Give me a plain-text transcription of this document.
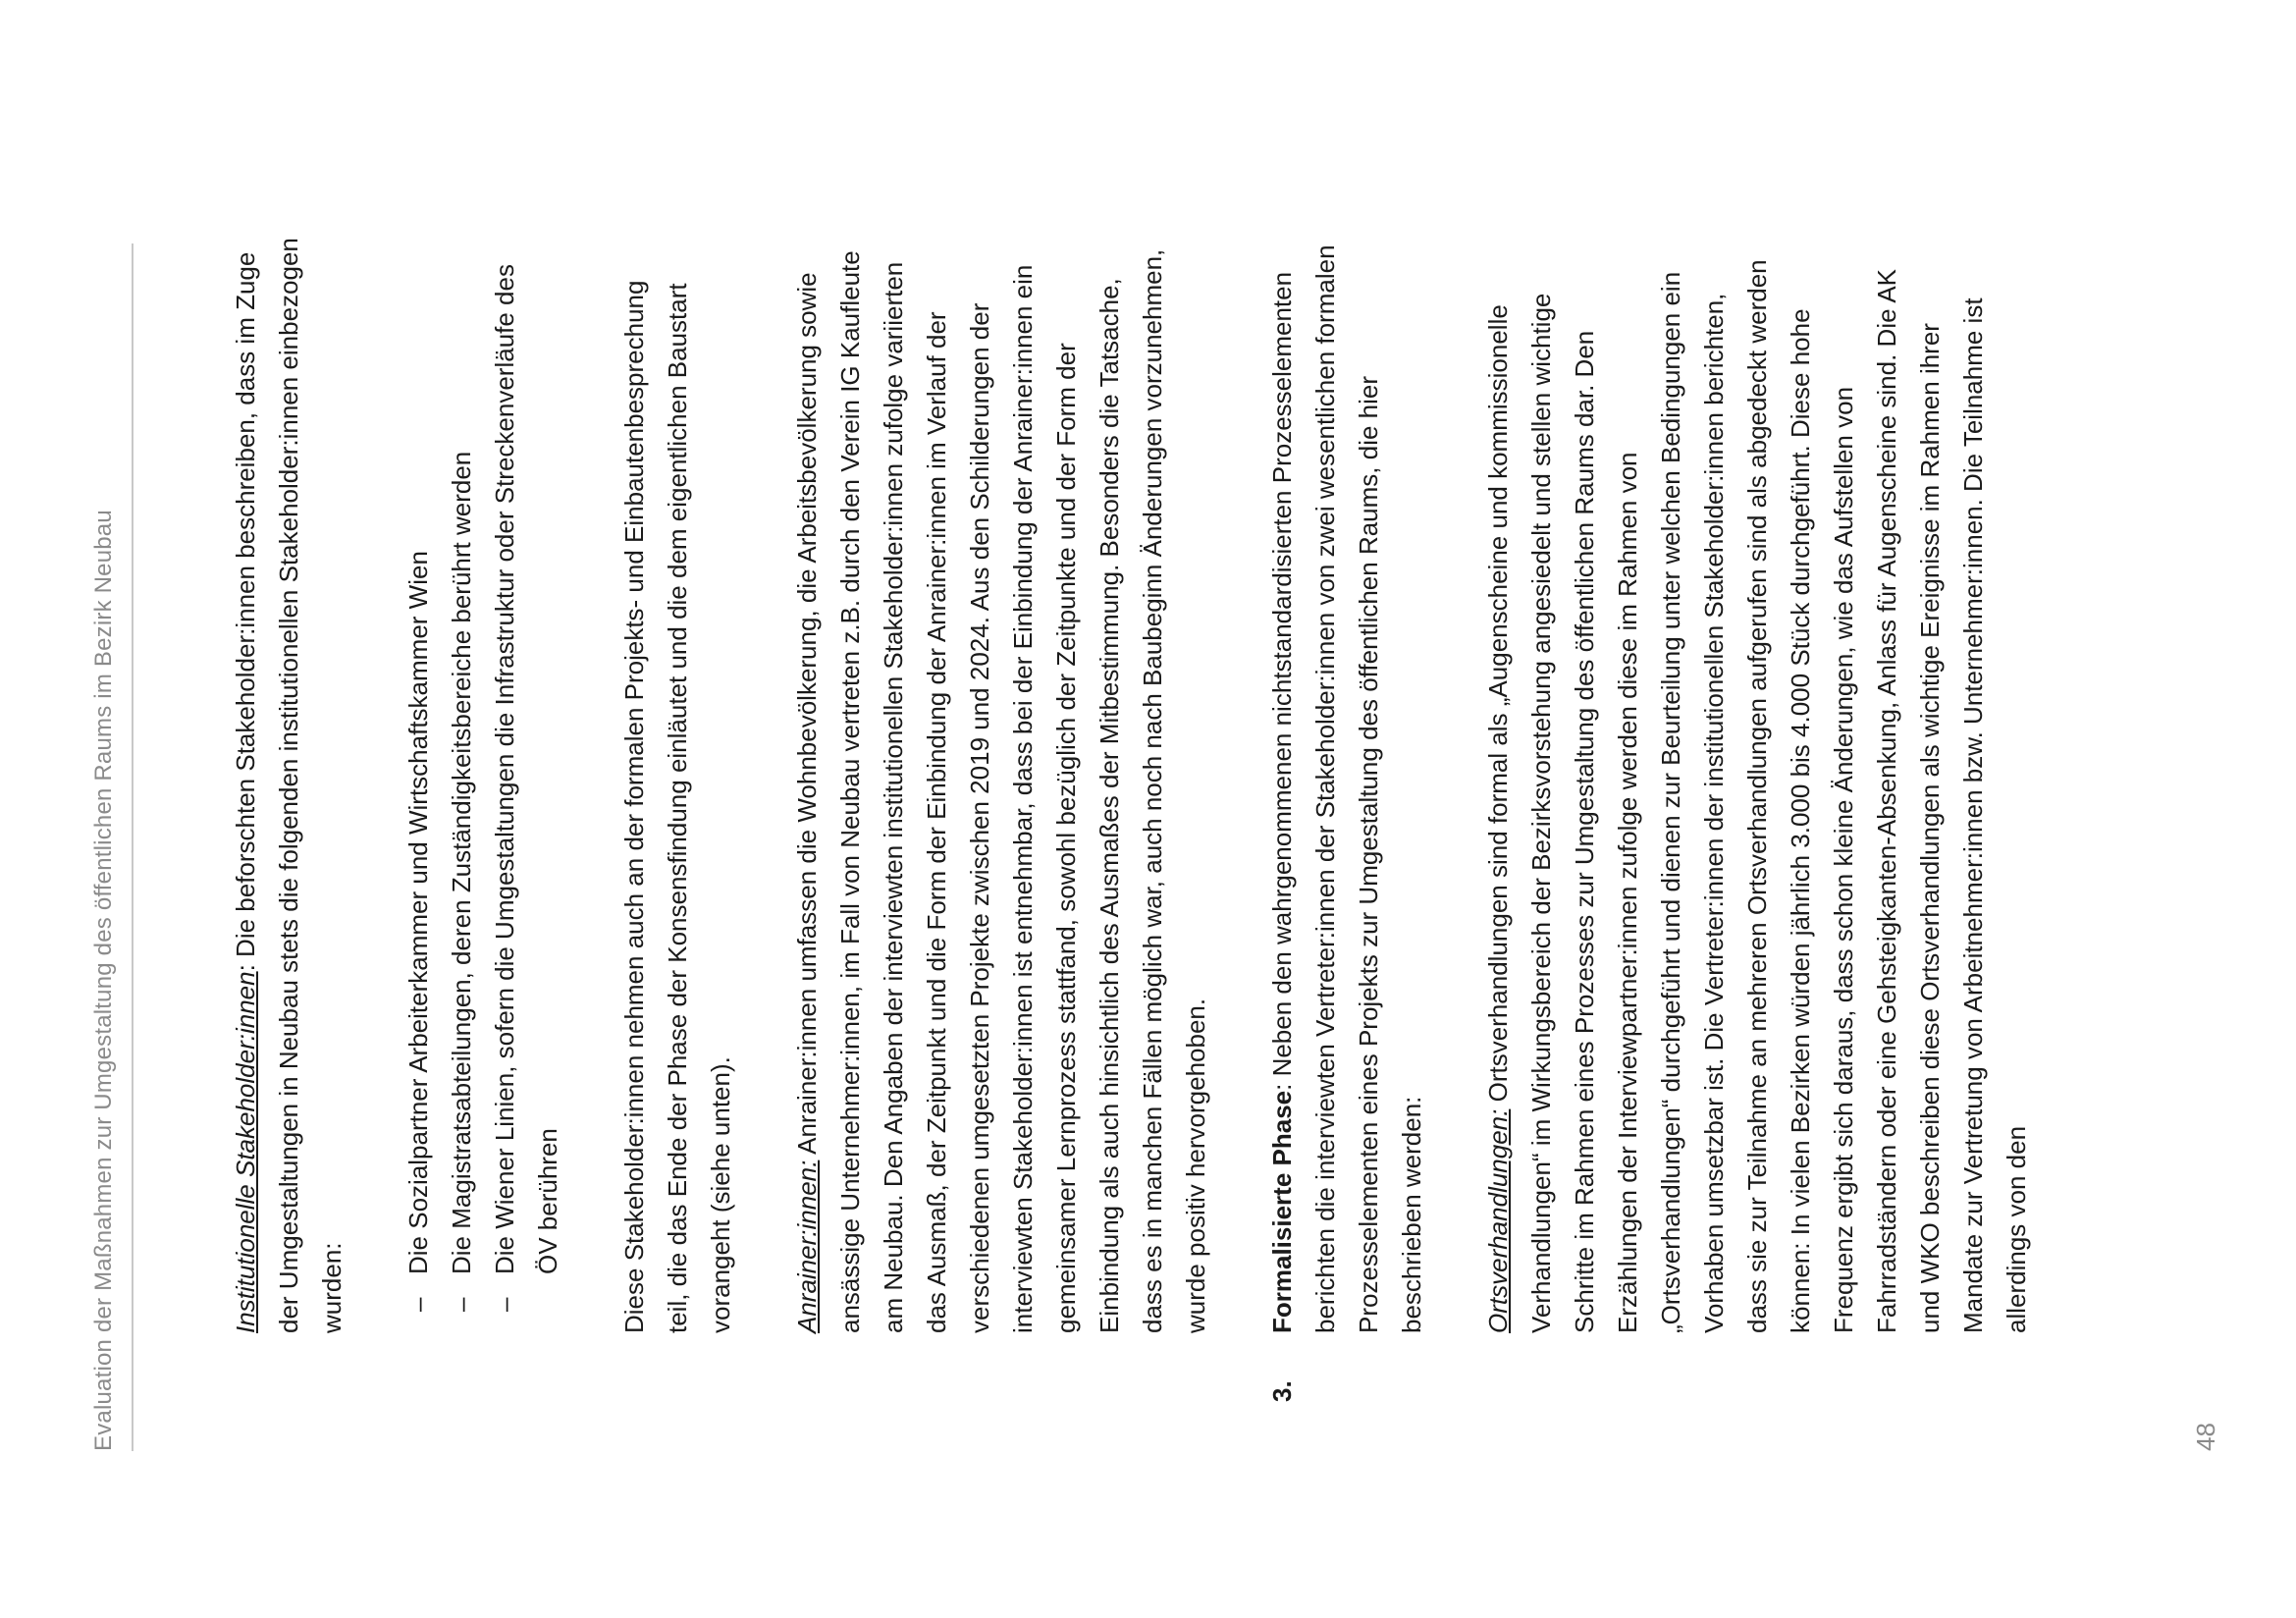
Evaluation der Maßnahmen zur Umgestaltung des öffentlichen Raums im Bezirk Neubau	Institutionelle Stakeholder:innen: Die beforschten Stakeholder:innen beschreiben, dass im Zuge der Umgestaltungen in Neubau stets die folgenden institutionellen Stakeholder:innen einbezogen wurden: –
Die Sozialpartner Arbeiterkammer und Wirtschaftskammer Wien
–
Die Magistratsabteilungen, deren Zuständigkeitsbereiche berührt werden
–
Die Wiener Linien, sofern die Umgestaltungen die Infrastruktur oder Streckenverläufe des ÖV berühren Diese Stakeholder:innen nehmen auch an der formalen Projekts- und Einbautenbesprechung teil, die das Ende der Phase der Konsensfindung einläutet und die dem eigentlichen Baustart vorangeht (siehe unten). Anrainer:innen: Anrainer:innen umfassen die Wohnbevölkerung, die Arbeitsbevölkerung sowie ansässige Unternehmer:innen, im Fall von Neubau vertreten z.B. durch den Verein IG Kaufleute am Neubau. Den Angaben der interviewten institutionellen Stakeholder:innen zufolge variierten das Ausmaß, der Zeitpunkt und die Form der Einbindung der Anrainer:innen im Verlauf der verschiedenen umgesetzten Projekte zwischen 2019 und 2024. Aus den Schilderungen der interviewten Stakeholder:innen ist entnehmbar, dass bei der Einbindung der Anrainer:innen ein gemeinsamer Lernprozess stattfand, sowohl bezüglich der Zeitpunkte und der Form der Einbindung als auch hinsichtlich des Ausmaßes der Mitbestimmung. Besonders die Tatsache, dass es in manchen Fällen möglich war, auch noch nach Baubeginn Änderungen vorzunehmen, wurde positiv hervorgehoben.

3.
Formalisierte Phase: Neben den wahrgenommenen nichtstandardisierten Prozesselementen berichten die interviewten Vertreter:innen der Stakeholder:innen von zwei wesentlichen formalen Prozesselementen eines Projekts zur Umgestaltung des öffentlichen Raums, die hier beschrieben werden: Ortsverhandlungen: Ortsverhandlungen sind formal als „Augenscheine und kommissionelle Verhandlungen“ im Wirkungsbereich der Bezirksvorstehung angesiedelt und stellen wichtige Schritte im Rahmen eines Prozesses zur Umgestaltung des öffentlichen Raums dar. Den Erzählungen der Interviewpartner:innen zufolge werden diese im Rahmen von „Ortsverhandlungen“ durchgeführt und dienen zur Beurteilung unter welchen Bedingungen ein Vorhaben umsetzbar ist. Die Vertreter:innen der institutionellen Stakeholder:innen berichten, dass sie zur Teilnahme an mehreren Ortsverhandlungen aufgerufen sind als abgedeckt werden können: In vielen Bezirken würden jährlich 3.000 bis 4.000 Stück durchgeführt. Diese hohe Frequenz ergibt sich daraus, dass schon kleine Änderungen, wie das Aufstellen von Fahrradständern oder eine Gehsteigkanten-Absenkung, Anlass für Augenscheine sind. Die AK und WKO beschreiben diese Ortsverhandlungen als wichtige Ereignisse im Rahmen ihrer Mandate zur Vertretung von Arbeitnehmer:innen bzw. Unternehmer:innen. Die Teilnahme ist allerdings von den

48
